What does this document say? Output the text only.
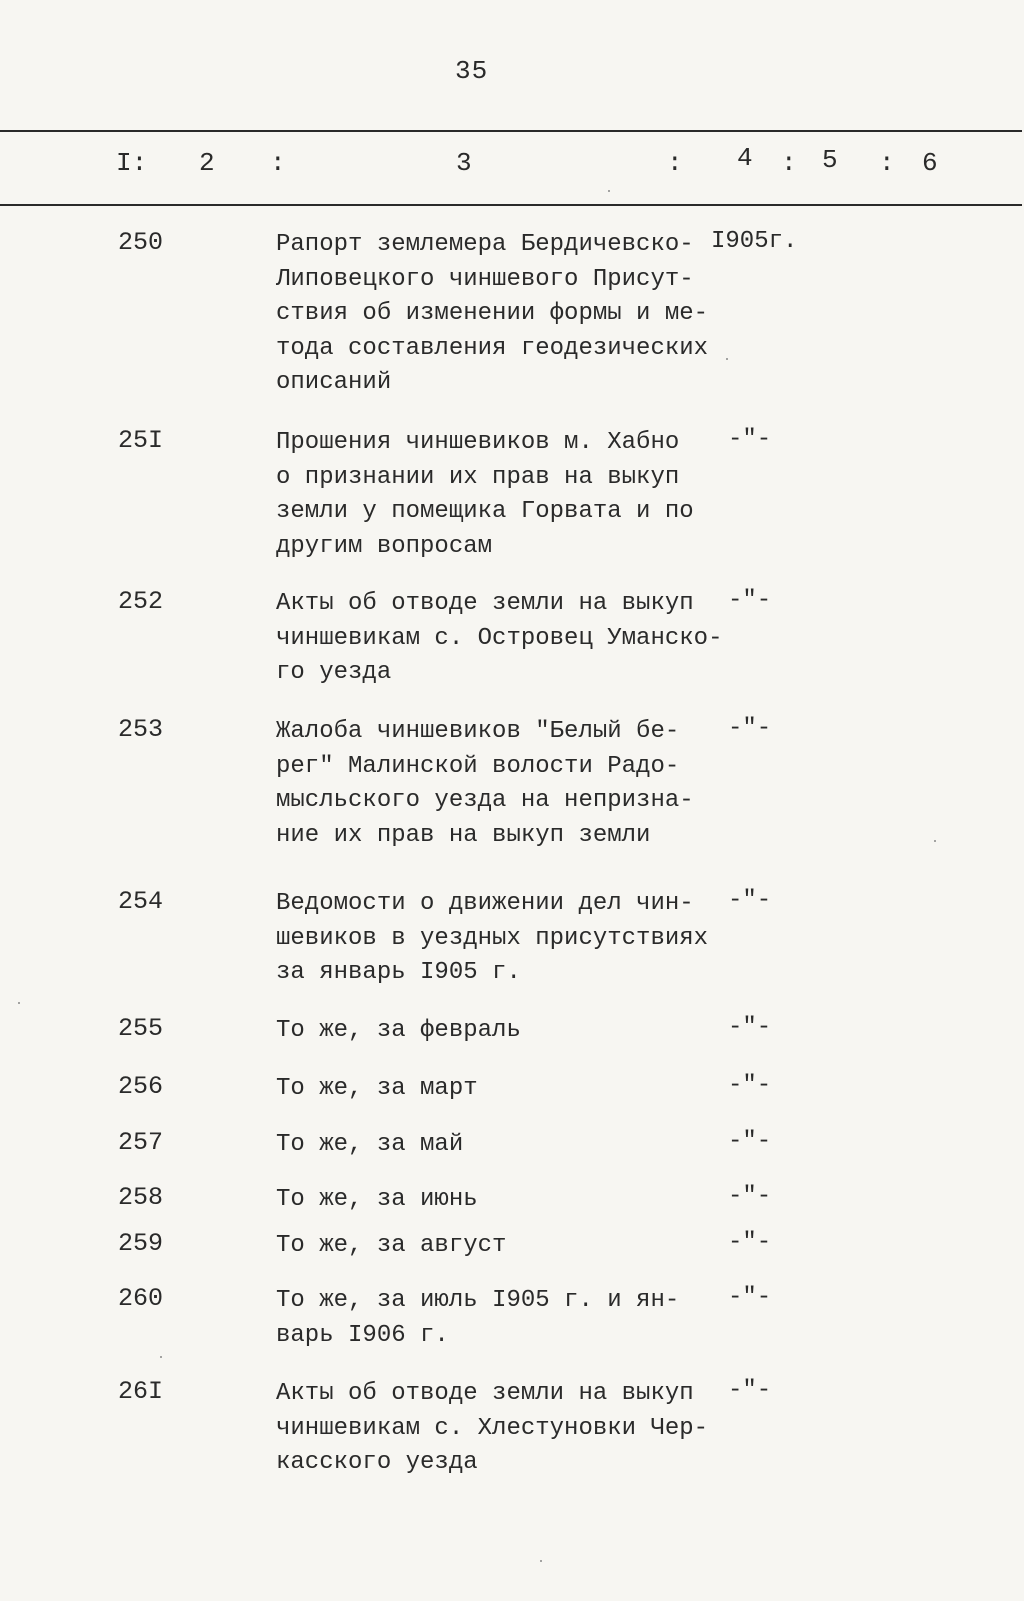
35
I: 2 :	3	: 4 : 5 : 6
250	Рапорт землемера Бердичевско-
Липовецкого чиншевого Присут-
ствия об изменении формы и ме-
тода составления геодезических
описаний
I905г.
25I	Прошения чиншевиков м. Хабно
о признании их прав на выкуп
земли у помещика Горвата и по
другим вопросам
-"-
252	Акты об отводе земли на выкуп
чиншевикам с. Островец Уманско-
го уезда
-"-
253	Жалоба чиншевиков "Белый бе-
рег" Малинской волости Радо-
мысльского уезда на непризна-
ние их прав на выкуп земли
-"-
254	Ведомости о движении дел чин-
шевиков в уездных присутствиях
за январь I905 г.
-"-
255	То же, за февраль	-"-
256	То же, за март	-"-
257	То же, за май	-"-
258	То же, за июнь	-"-
259	То же, за август	-"-
260	То же, за июль I905 г. и ян-
варь I906 г.
-"-
26I	Акты об отводе земли на выкуп
чиншевикам с. Хлестуновки Чер-
касского уезда
-"-
